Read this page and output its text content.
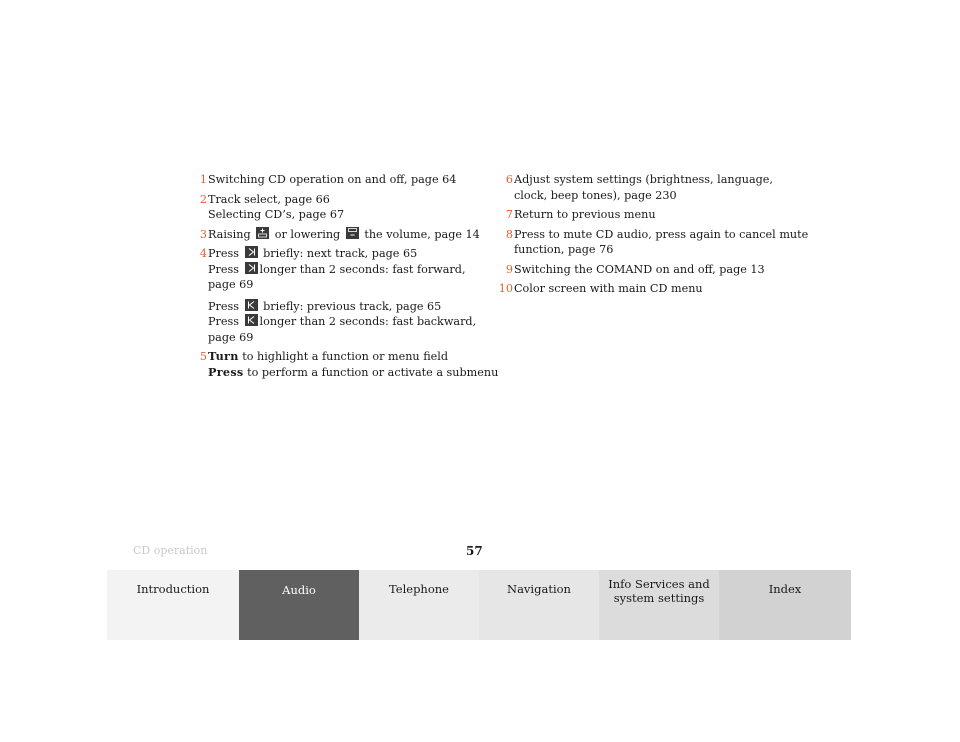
1 Switching CD operation on and off, page 64
2 Track select, page 66
Selecting CD’s, page 67
3 Raising or lowering the volume, page 14
4 Press briefly: next track, page 65
Press longer than 2 seconds: fast forward,
page 69
Press briefly: previous track, page 65
Press longer than 2 seconds: fast backward,
page 69
5 Turn to highlight a function or menu field
Press to perform a function or activate a submenu
6 Adjust system settings (brightness, language,
clock, beep tones), page 230
7 Return to previous menu
8 Press to mute CD audio, press again to cancel mute
function, page 76
9 Switching the COMAND on and off, page 13
10 Color screen with main CD menu
CD operation	57
Introduction	Audio	Telephone	Navigation	Info Services and
system settings
Index
